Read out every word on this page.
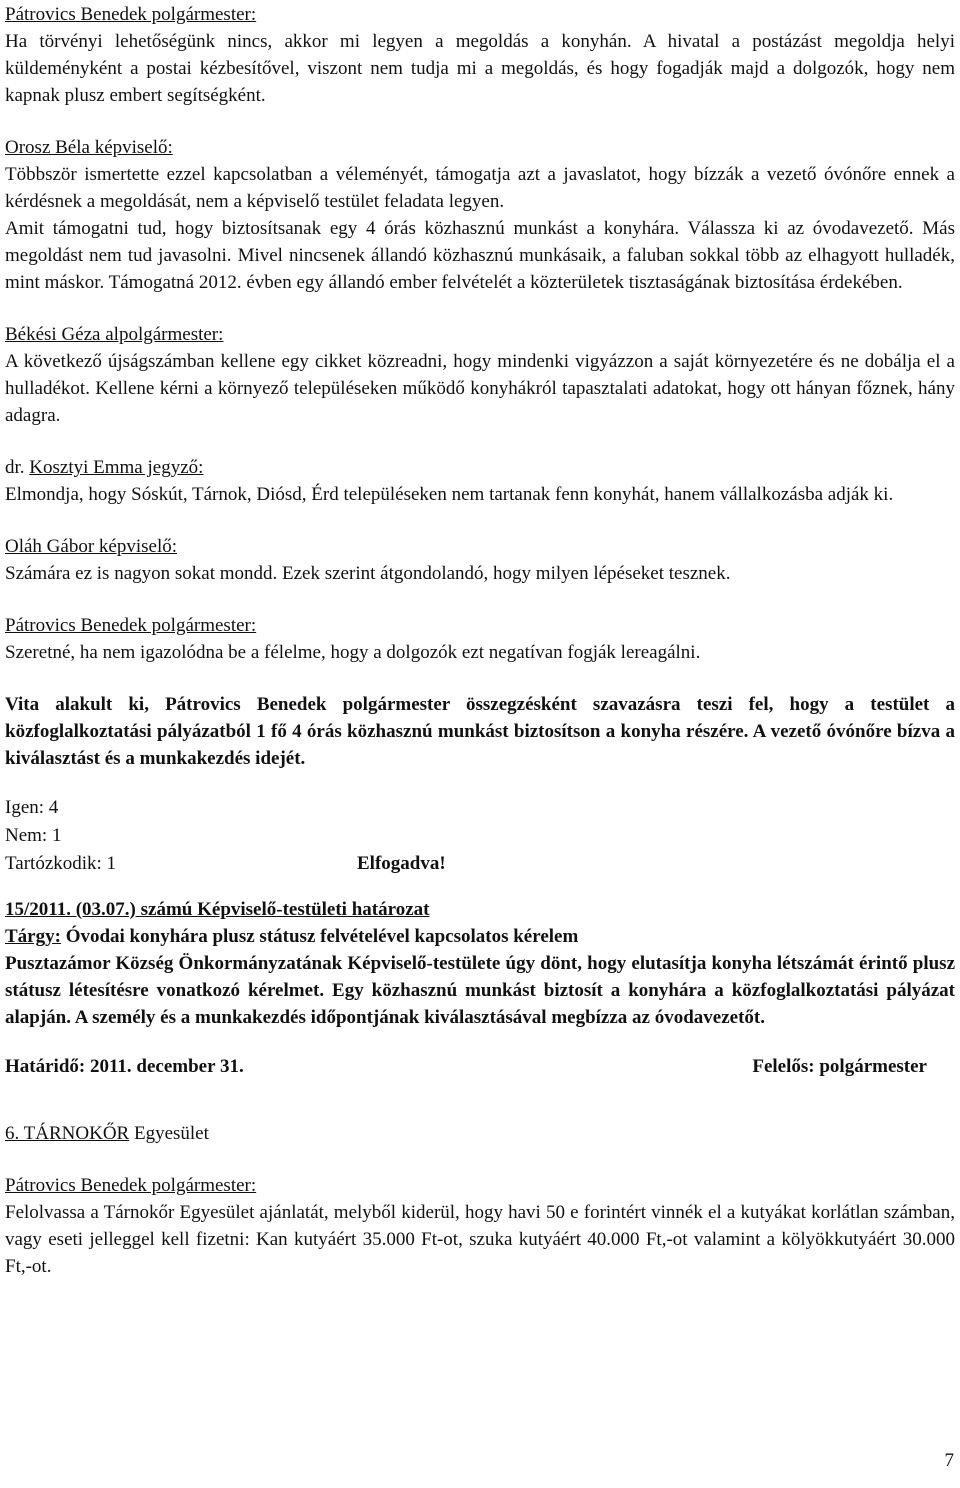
Pátrovics Benedek polgármester:

Ha törvényi lehetőségünk nincs, akkor mi legyen a megoldás a konyhán. A hivatal a postázást megoldja helyi küldeményként a postai kézbesítővel, viszont nem tudja mi a megoldás, és hogy fogadják majd a dolgozók, hogy nem kapnak plusz embert segítségként.

Orosz Béla képviselő:

Többször ismertette ezzel kapcsolatban a véleményét, támogatja azt a javaslatot, hogy bízzák a vezető óvónőre ennek a kérdésnek a megoldását, nem a képviselő testület feladata legyen.

Amit támogatni tud, hogy biztosítsanak egy 4 órás közhasznú munkást a konyhára. Válassza ki az óvodavezető. Más megoldást nem tud javasolni. Mivel nincsenek állandó közhasznú munkásaik, a faluban sokkal több az elhagyott hulladék, mint máskor. Támogatná 2012. évben egy állandó ember felvételét a közterületek tisztaságának biztosítása érdekében.

Békési Géza alpolgármester:

A következő újságszámban kellene egy cikket közreadni, hogy mindenki vigyázzon a saját környezetére és ne dobálja el a hulladékot. Kellene kérni a környező településeken működő konyhákról tapasztalati adatokat, hogy ott hányan főznek, hány adagra.

dr. Kosztyi Emma jegyző:

Elmondja, hogy Sóskút, Tárnok, Diósd, Érd településeken nem tartanak fenn konyhát, hanem vállalkozásba adják ki.

Oláh Gábor képviselő:

Számára ez is nagyon sokat mondd. Ezek szerint átgondolandó, hogy milyen lépéseket tesznek.

Pátrovics Benedek polgármester:

Szeretné, ha nem igazolódna be a félelme, hogy a dolgozók ezt negatívan fogják lereagálni.

Vita alakult ki, Pátrovics Benedek polgármester összegzésként szavazásra teszi fel, hogy a testület a közfoglalkoztatási pályázatból 1 fő 4 órás közhasznú munkást biztosítson a konyha részére. A vezető óvónőre bízva a kiválasztást és a munkakezdés idejét.

Igen: 4
Nem: 1
Tartózkodik: 1	Elfogadva!
15/2011. (03.07.) számú Képviselő-testületi határozat
Tárgy: Óvodai konyhára plusz státusz felvételével kapcsolatos kérelem

Pusztazámor Község Önkormányzatának Képviselő-testülete úgy dönt, hogy elutasítja konyha létszámát érintő plusz státusz létesítésre vonatkozó kérelmet. Egy közhasznú munkást biztosít a konyhára a közfoglalkoztatási pályázat alapján. A személy és a munkakezdés időpontjának kiválasztásával megbízza az óvodavezetőt.

Határidő: 2011. december 31.	Felelős: polgármester
6. TÁRNOKŐR Egyesület
Pátrovics Benedek polgármester:

Felolvassa a Tárnokőr Egyesület ajánlatát, melyből kiderül, hogy havi 50 e forintért vinnék el a kutyákat korlátlan számban, vagy eseti jelleggel kell fizetni: Kan kutyáért 35.000 Ft-ot, szuka kutyáért 40.000 Ft,-ot valamint a kölyökkutyáért 30.000 Ft,-ot.

7
